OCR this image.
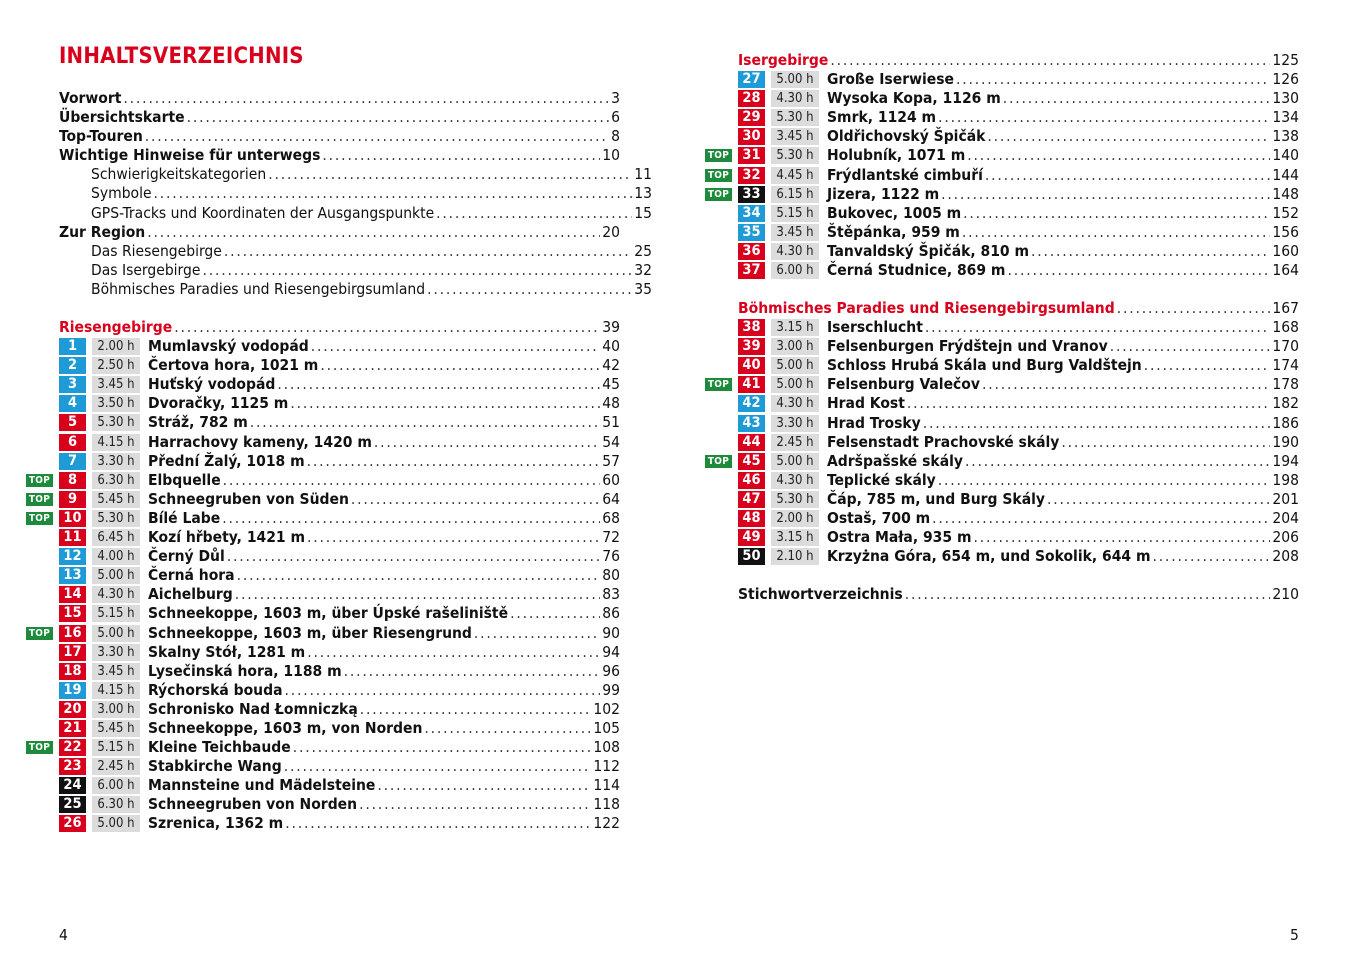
INHALTSVERZEICHNIS
Vorwort . . .	3
Übersichtskarte . . .	6
Top-Touren . . .	8
Wichtige Hinweise für unterwegs . . .	10
Schwierigkeitskategorien . . .	11
Symbole . . .	13
GPS-Tracks und Koordinaten der Ausgangspunkte . . .	15
Zur Region . . .	20
Das Riesengebirge . . .	25
Das Isergebirge . . .	32
Böhmisches Paradies und Riesengebirgsumland . . .	35
Riesengebirge . . .	39
1	2.00 h Mumlavský vodopád . . .	40
2	2.50 h Čertova hora, 1021 m . . .	42
3	3.45 h Huťský vodopád . . .	45
4	3.50 h Dvoračky, 1125 m . . .	48
5	5.30 h Stráž, 782 m . . .	51
6	4.15 h Harrachovy kameny, 1420 m . . .	54
7	3.30 h Přední Žalý, 1018 m . . .	57
TOP	8	6.30 h Elbquelle . . .	60
TOP	9	5.45 h Schneegruben von Süden . . .	64
TOP 10	5.30 h Bílé Labe . . .	68
11	6.45 h Kozí hřbety, 1421 m . . .	72
12	4.00 h Černý Důl . . .	76
13	5.00 h Černá hora . . .	80
14	4.30 h Aichelburg . . .	83
15	5.15 h Schneekoppe, 1603 m, über Úpské rašeliniště . . .	86
TOP 16	5.00 h Schneekoppe, 1603 m, über Riesengrund . . .	90
17	3.30 h Skalny Stół, 1281 m . . .	94
18	3.45 h Lysečinská hora, 1188 m . . .	96
19	4.15 h Rýchorská bouda . . .	99
20	3.00 h Schronisko Nad Łomniczką . . .	102
21	5.45 h Schneekoppe, 1603 m, von Norden . . .	105
TOP 22	5.15 h Kleine Teichbaude . . .	108
23	2.45 h Stabkirche Wang . . .	112
24	6.00 h Mannsteine und Mädelsteine . . .	114
25	6.30 h Schneegruben von Norden . . .	118
26	5.00 h Szrenica, 1362 m . . .	122
4
Isergebirge . . .	125
27	5.00 h Große Iserwiese . . .	126
28	4.30 h Wysoka Kopa, 1126 m . . .	130
29	5.30 h Smrk, 1124 m . . .	134
30	3.45 h Oldřichovský Špičák . . .	138
TOP 31	5.30 h Holubník, 1071 m . . .	140
TOP 32	4.45 h Frýdlantské cimbuří . . .	144
TOP 33	6.15 h Jizera, 1122 m . . .	148
34	5.15 h Bukovec, 1005 m . . .	152
35	3.45 h Štěpánka, 959 m . . .	156
36	4.30 h Tanvaldský Špičák, 810 m . . .	160
37	6.00 h Černá Studnice, 869 m . . .	164
Böhmisches Paradies und Riesengebirgsumland . . .	167
38	3.15 h Iserschlucht . . .	168
39	3.00 h Felsenburgen Frýdštejn und Vranov . . .	170
40	5.00 h Schloss Hrubá Skála und Burg Valdštejn . . .	174
TOP 41	5.00 h Felsenburg Valečov . . .	178
42	4.30 h Hrad Kost . . .	182
43	3.30 h Hrad Trosky . . .	186
44	2.45 h Felsenstadt Prachovské skály . . .	190
TOP 45	5.00 h Adršpašské skály . . .	194
46	4.30 h Teplické skály . . .	198
47	5.30 h Čáp, 785 m, und Burg Skály . . .	201
48	2.00 h Ostaš, 700 m . . .	204
49	3.15 h Ostra Mała, 935 m . . .	206
50	2.10 h Krzyżna Góra, 654 m, und Sokolik, 644 m . . .	208
Stichwortverzeichnis . . .	210
5
